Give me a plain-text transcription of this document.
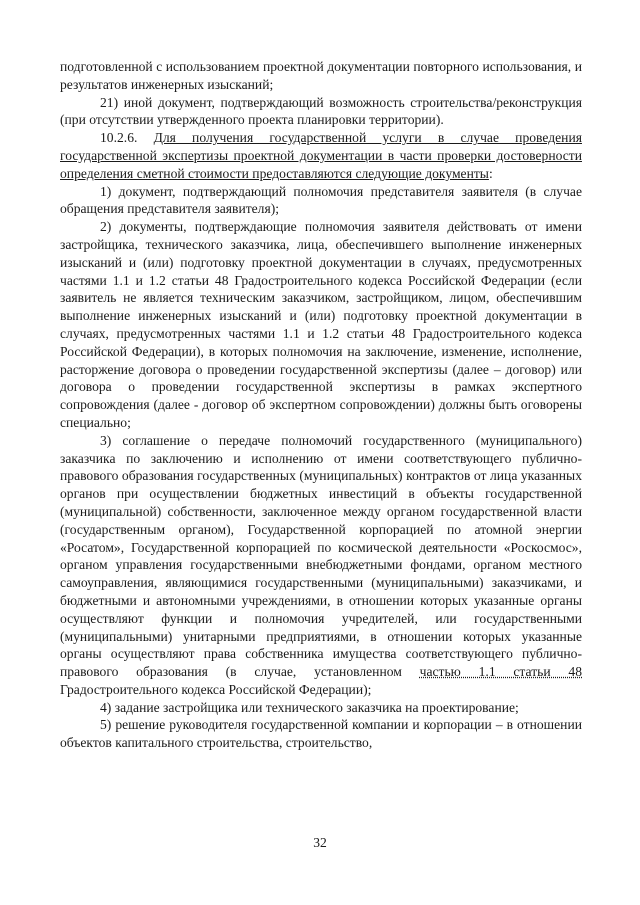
подготовленной с использованием проектной документации повторного использования, и результатов инженерных изысканий;

21) иной документ, подтверждающий возможность строительства/реконструкция (при отсутствии утвержденного проекта планировки территории).

10.2.6. Для получения государственной услуги в случае проведения государственной экспертизы проектной документации в части проверки достоверности определения сметной стоимости предоставляются следующие документы:

1) документ, подтверждающий полномочия представителя заявителя (в случае обращения представителя заявителя);

2) документы, подтверждающие полномочия заявителя действовать от имени застройщика, технического заказчика, лица, обеспечившего выполнение инженерных изысканий и (или) подготовку проектной документации в случаях, предусмотренных частями 1.1 и 1.2 статьи 48 Градостроительного кодекса Российской Федерации (если заявитель не является техническим заказчиком, застройщиком, лицом, обеспечившим выполнение инженерных изысканий и (или) подготовку проектной документации в случаях, предусмотренных частями 1.1 и 1.2 статьи 48 Градостроительного кодекса Российской Федерации), в которых полномочия на заключение, изменение, исполнение, расторжение договора о проведении государственной экспертизы (далее – договор) или договора о проведении государственной экспертизы в рамках экспертного сопровождения (далее - договор об экспертном сопровождении) должны быть оговорены специально;

3) соглашение о передаче полномочий государственного (муниципального) заказчика по заключению и исполнению от имени соответствующего публично-правового образования государственных (муниципальных) контрактов от лица указанных органов при осуществлении бюджетных инвестиций в объекты государственной (муниципальной) собственности, заключенное между органом государственной власти (государственным органом), Государственной корпорацией по атомной энергии «Росатом», Государственной корпорацией по космической деятельности «Роскосмос», органом управления государственными внебюджетными фондами, органом местного самоуправления, являющимися государственными (муниципальными) заказчиками, и бюджетными и автономными учреждениями, в отношении которых указанные органы осуществляют функции и полномочия учредителей, или государственными (муниципальными) унитарными предприятиями, в отношении которых указанные органы осуществляют права собственника имущества соответствующего публично-правового образования (в случае, установленном частью 1.1 статьи 48 Градостроительного кодекса Российской Федерации);

4) задание застройщика или технического заказчика на проектирование;

5) решение руководителя государственной компании и корпорации – в отношении объектов капитального строительства, строительство,

32
